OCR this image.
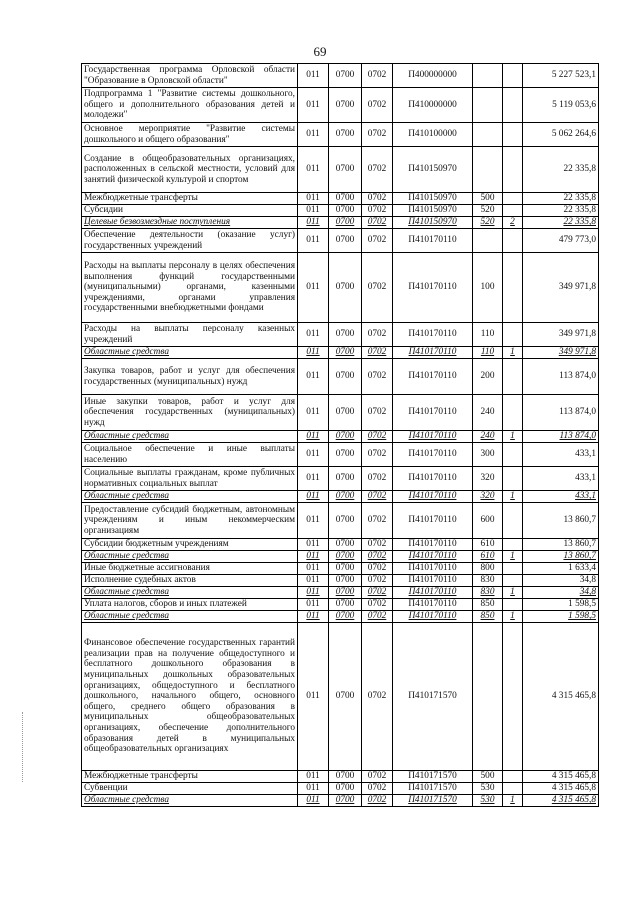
69
Государственная программа Орловской области "Образование в Орловской области"	011	0700	0702	П400000000			5 227 523,1
Подпрограмма 1 "Развитие системы дошкольного, общего и дополнительного образования детей и молодежи"	011	0700	0702	П410000000			5 119 053,6
Основное мероприятие "Развитие системы дошкольного и общего образования"	011	0700	0702	П410100000			5 062 264,6
Создание в общеобразовательных организациях, расположенных в сельской местности, условий для занятий физической культурой и спортом	011	0700	0702	П410150970			22 335,8
Межбюджетные трансферты	011	0700	0702	П410150970	500		22 335,8
Субсидии	011	0700	0702	П410150970	520		22 335,8
Целевые безвозмездные поступления	011	0700	0702	П410150970	520	2	22 335,8
Обеспечение деятельности (оказание услуг) государственных учреждений	011	0700	0702	П410170110			479 773,0
Расходы на выплаты персоналу в целях обеспечения выполнения функций государственными (муниципальными) органами, казенными учреждениями, органами управления государственными внебюджетными фондами	011	0700	0702	П410170110	100		349 971,8
Расходы на выплаты персоналу казенных учреждений	011	0700	0702	П410170110	110		349 971,8
Областные средства	011	0700	0702	П410170110	110	1	349 971,8
Закупка товаров, работ и услуг для обеспечения государственных (муниципальных) нужд	011	0700	0702	П410170110	200		113 874,0
Иные закупки товаров, работ и услуг для обеспечения государственных (муниципальных) нужд	011	0700	0702	П410170110	240		113 874,0
Областные средства	011	0700	0702	П410170110	240	1	113 874,0
Социальное обеспечение и иные выплаты населению	011	0700	0702	П410170110	300		433,1
Социальные выплаты гражданам, кроме публичных нормативных социальных выплат	011	0700	0702	П410170110	320		433,1
Областные средства	011	0700	0702	П410170110	320	1	433,1
Предоставление субсидий бюджетным, автономным учреждениям и иным некоммерческим организациям	011	0700	0702	П410170110	600		13 860,7
Субсидии бюджетным учреждениям	011	0700	0702	П410170110	610		13 860,7
Областные средства	011	0700	0702	П410170110	610	1	13 860,7
Иные бюджетные ассигнования	011	0700	0702	П410170110	800		1 633,4
Исполнение судебных актов	011	0700	0702	П410170110	830		34,8
Областные средства	011	0700	0702	П410170110	830	1	34,8
Уплата налогов, сборов и иных платежей	011	0700	0702	П410170110	850		1 598,5
Областные средства	011	0700	0702	П410170110	850	1	1 598,5
Финансовое обеспечение государственных гарантий реализации прав на получение общедоступного и бесплатного дошкольного образования в муниципальных дошкольных образовательных организациях, общедоступного и бесплатного дошкольного, начального общего, основного общего, среднего общего образования в муниципальных общеобразовательных организациях, обеспечение дополнительного образования детей в муниципальных общеобразовательных организациях	011	0700	0702	П410171570			4 315 465,8
Межбюджетные трансферты	011	0700	0702	П410171570	500		4 315 465,8
Субвенции	011	0700	0702	П410171570	530		4 315 465,8
Областные средства	011	0700	0702	П410171570	530	1	4 315 465,8
